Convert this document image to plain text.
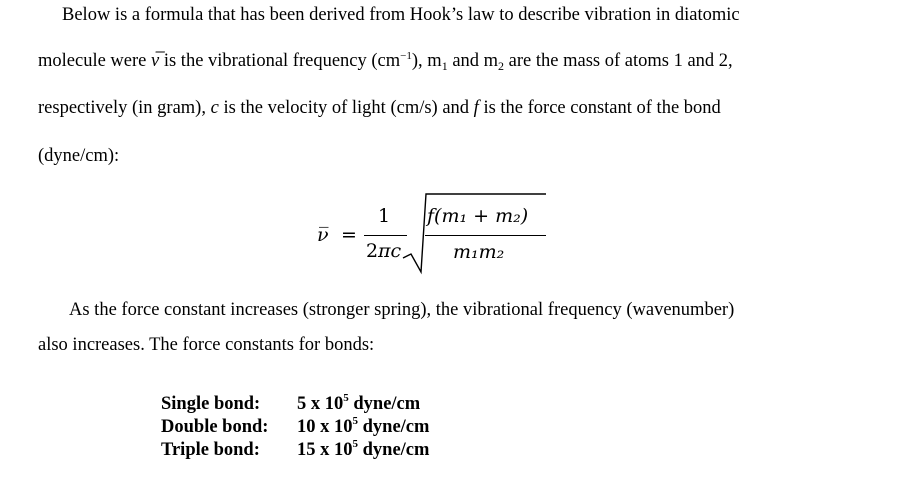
Below is a formula that has been derived from Hook’s law to describe vibration in diatomic
molecule were ν̅ is the vibrational frequency $(cm^{-1})$, $m_1$ and $m_2$ are the mass of atoms 1 and 2,
respectively (in gram), c is the velocity of light (cm/s) and f is the force constant of the bond
(dyne/cm):
ν̅ =
1
2 πc
f(m₁ + m₂)
m₁m₂
As the force constant increases (stronger spring), the vibrational frequency (wavenumber)
also increases. The force constants for bonds:
Single bond: 5 x $10^5$ dyne/cm
Double bond: 10 x $10^5$ dyne/cm
Triple bond: 15 x $10^5$ dyne/cm
